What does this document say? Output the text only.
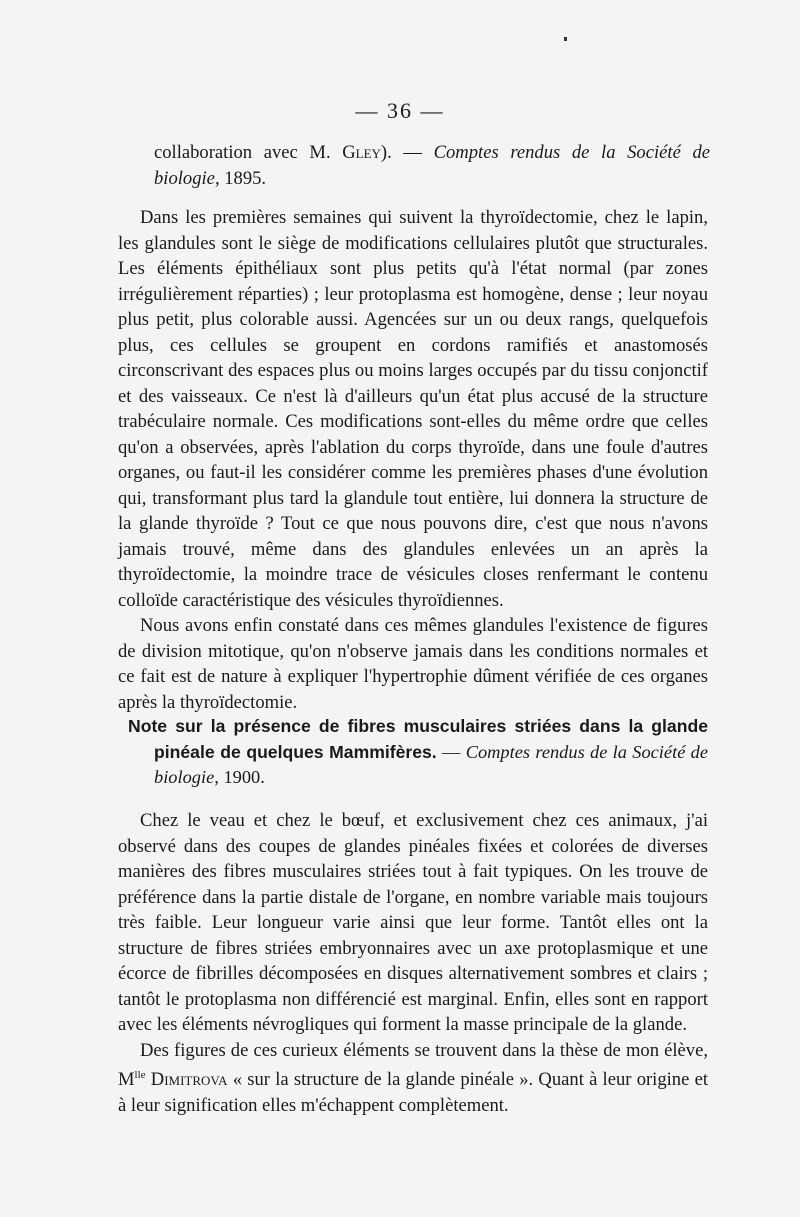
— 36 —

collaboration avec M. Gley). — Comptes rendus de la Société de biologie, 1895.

Dans les premières semaines qui suivent la thyroïdectomie, chez le lapin, les glandules sont le siège de modifications cellulaires plutôt que structurales. Les éléments épithéliaux sont plus petits qu'à l'état normal (par zones irrégulièrement réparties) ; leur protoplasma est homogène, dense ; leur noyau plus petit, plus colorable aussi. Agencées sur un ou deux rangs, quelquefois plus, ces cellules se groupent en cordons ramifiés et anastomosés circonscrivant des espaces plus ou moins larges occupés par du tissu conjonctif et des vaisseaux. Ce n'est là d'ailleurs qu'un état plus accusé de la structure trabéculaire normale. Ces modifications sont-elles du même ordre que celles qu'on a observées, après l'ablation du corps thyroïde, dans une foule d'autres organes, ou faut-il les considérer comme les premières phases d'une évolution qui, transformant plus tard la glandule tout entière, lui donnera la structure de la glande thyroïde ? Tout ce que nous pouvons dire, c'est que nous n'avons jamais trouvé, même dans des glandules enlevées un an après la thyroïdectomie, la moindre trace de vésicules closes renfermant le contenu colloïde caractéristique des vésicules thyroïdiennes.

Nous avons enfin constaté dans ces mêmes glandules l'existence de figures de division mitotique, qu'on n'observe jamais dans les conditions normales et ce fait est de nature à expliquer l'hypertrophie dûment vérifiée de ces organes après la thyroïdectomie.

Note sur la présence de fibres musculaires striées dans la glande pinéale de quelques Mammifères. — Comptes rendus de la Société de biologie, 1900.

Chez le veau et chez le bœuf, et exclusivement chez ces animaux, j'ai observé dans des coupes de glandes pinéales fixées et colorées de diverses manières des fibres musculaires striées tout à fait typiques. On les trouve de préférence dans la partie distale de l'organe, en nombre variable mais toujours très faible. Leur longueur varie ainsi que leur forme. Tantôt elles ont la structure de fibres striées embryonnaires avec un axe protoplasmique et une écorce de fibrilles décomposées en disques alternativement sombres et clairs ; tantôt le protoplasma non différencié est marginal. Enfin, elles sont en rapport avec les éléments névrogliques qui forment la masse principale de la glande.

Des figures de ces curieux éléments se trouvent dans la thèse de mon élève, $M^{lle}$ Dimitrova « sur la structure de la glande pinéale ». Quant à leur origine et à leur signification elles m'échappent complètement.
